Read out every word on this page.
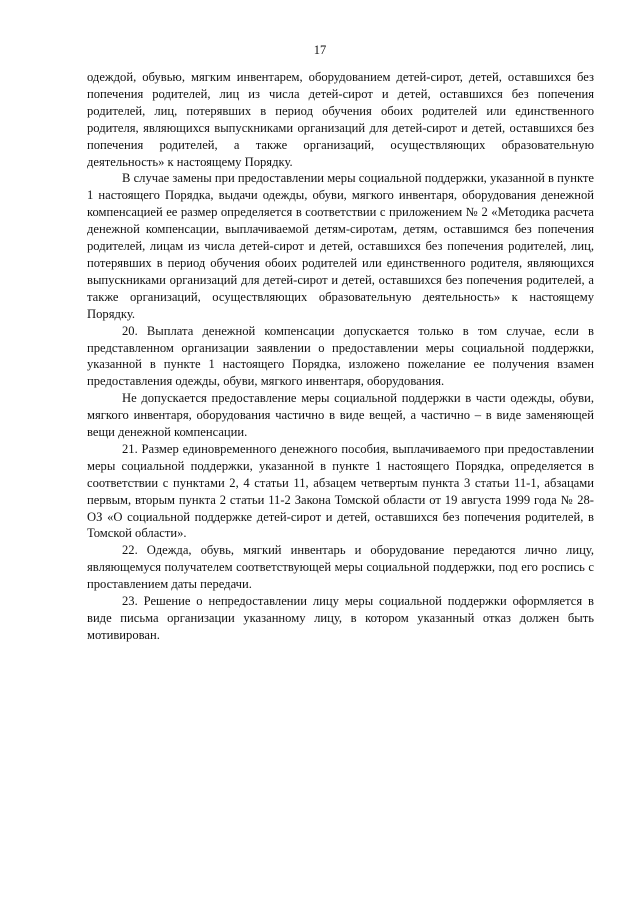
17

одеждой, обувью, мягким инвентарем, оборудованием детей-сирот, детей, оставшихся без попечения родителей, лиц из числа детей-сирот и детей, оставшихся без попечения родителей, лиц, потерявших в период обучения обоих родителей или единственного родителя, являющихся выпускниками организаций для детей-сирот и детей, оставшихся без попечения родителей, а также организаций, осуществляющих образовательную деятельность» к настоящему Порядку.

В случае замены при предоставлении меры социальной поддержки, указанной в пункте 1 настоящего Порядка, выдачи одежды, обуви, мягкого инвентаря, оборудования денежной компенсацией ее размер определяется в соответствии с приложением № 2 «Методика расчета денежной компенсации, выплачиваемой детям-сиротам, детям, оставшимся без попечения родителей, лицам из числа детей-сирот и детей, оставшихся без попечения родителей, лиц, потерявших в период обучения обоих родителей или единственного родителя, являющихся выпускниками организаций для детей-сирот и детей, оставшихся без попечения родителей, а также организаций, осуществляющих образовательную деятельность» к настоящему Порядку.

20. Выплата денежной компенсации допускается только в том случае, если в представленном организации заявлении о предоставлении меры социальной поддержки, указанной в пункте 1 настоящего Порядка, изложено пожелание ее получения взамен предоставления одежды, обуви, мягкого инвентаря, оборудования.

Не допускается предоставление меры социальной поддержки в части одежды, обуви, мягкого инвентаря, оборудования частично в виде вещей, а частично – в виде заменяющей вещи денежной компенсации.

21. Размер единовременного денежного пособия, выплачиваемого при предоставлении меры социальной поддержки, указанной в пункте 1 настоящего Порядка, определяется в соответствии с пунктами 2, 4 статьи 11, абзацем четвертым пункта 3 статьи 11-1, абзацами первым, вторым пункта 2 статьи 11-2 Закона Томской области от 19 августа 1999 года № 28-ОЗ «О социальной поддержке детей-сирот и детей, оставшихся без попечения родителей, в Томской области».

22. Одежда, обувь, мягкий инвентарь и оборудование передаются лично лицу, являющемуся получателем соответствующей меры социальной поддержки, под его роспись с проставлением даты передачи.

23. Решение о непредоставлении лицу меры социальной поддержки оформляется в виде письма организации указанному лицу, в котором указанный отказ должен быть мотивирован.
